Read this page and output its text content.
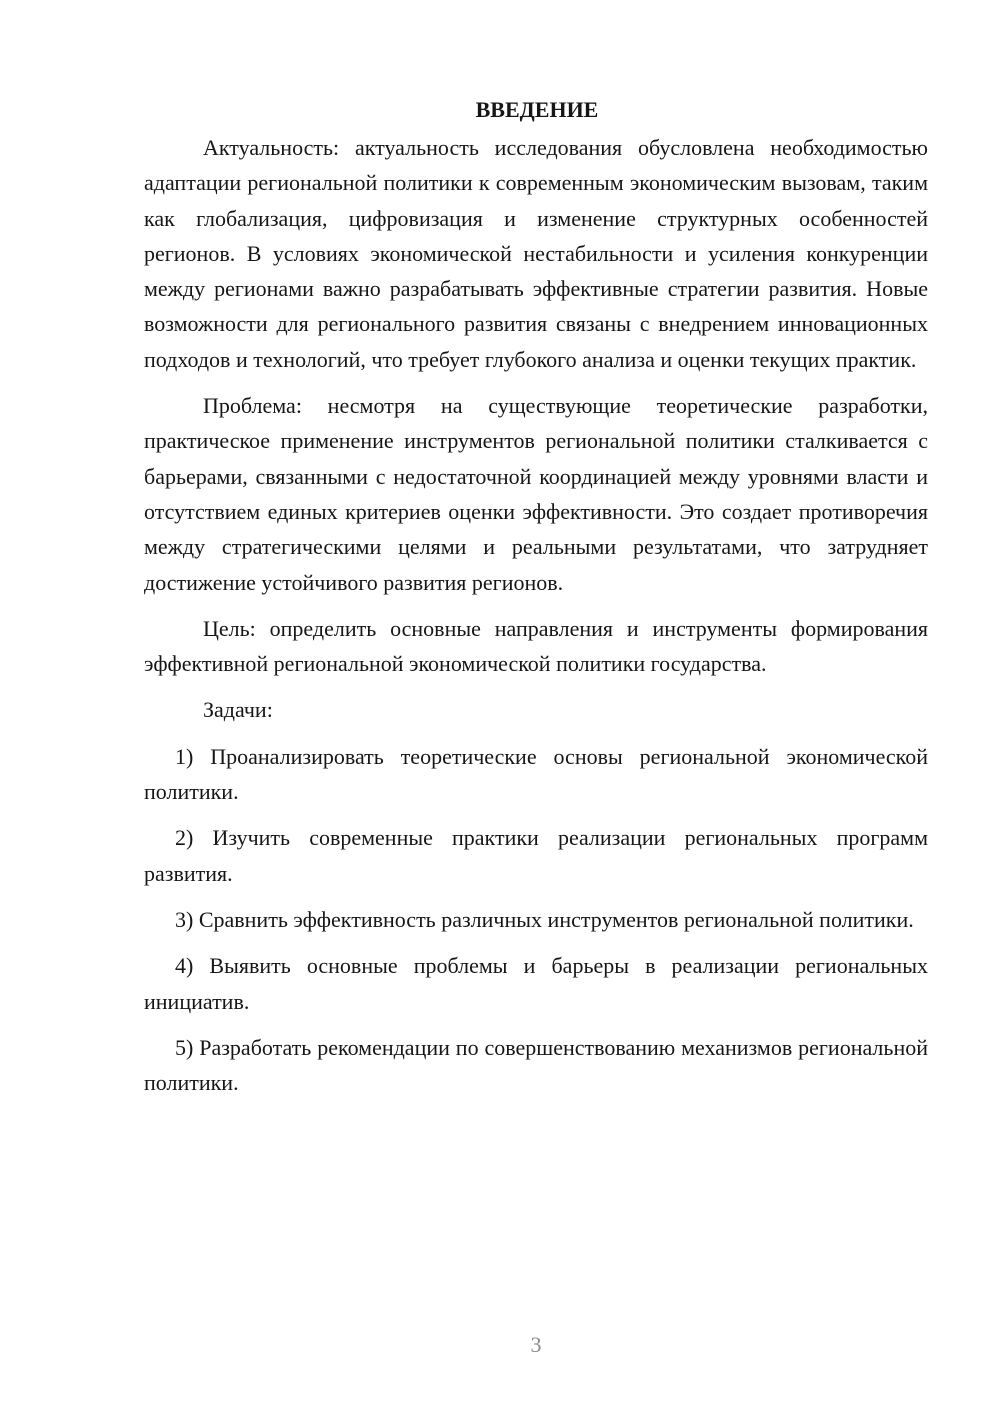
ВВЕДЕНИЕ

Актуальность: актуальность исследования обусловлена необходимостью адаптации региональной политики к современным экономическим вызовам, таким как глобализация, цифровизация и изменение структурных особенностей регионов. В условиях экономической нестабильности и усиления конкуренции между регионами важно разрабатывать эффективные стратегии развития. Новые возможности для регионального развития связаны с внедрением инновационных подходов и технологий, что требует глубокого анализа и оценки текущих практик.

Проблема: несмотря на существующие теоретические разработки, практическое применение инструментов региональной политики сталкивается с барьерами, связанными с недостаточной координацией между уровнями власти и отсутствием единых критериев оценки эффективности. Это создает противоречия между стратегическими целями и реальными результатами, что затрудняет достижение устойчивого развития регионов.

Цель: определить основные направления и инструменты формирования эффективной региональной экономической политики государства.

Задачи:

1) Проанализировать теоретические основы региональной экономической политики.

2) Изучить современные практики реализации региональных программ развития.

3) Сравнить эффективность различных инструментов региональной политики.

4) Выявить основные проблемы и барьеры в реализации региональных инициатив.

5) Разработать рекомендации по совершенствованию механизмов региональной политики.

3
